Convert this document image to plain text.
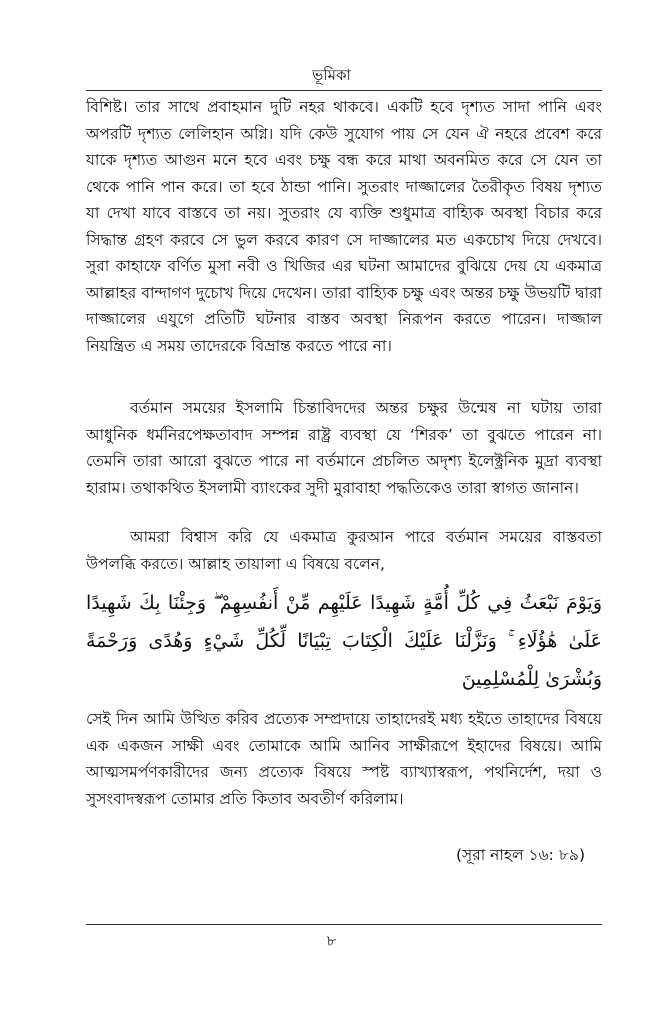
ভূমিকা

বিশিষ্ট। তার সাথে প্রবাহমান দুটি নহর থাকবে। একটি হবে দৃশ্যত সাদা পানি এবং অপরটি দৃশ্যত লেলিহান অগ্নি। যদি কেউ সুযোগ পায় সে যেন ঐ নহরে প্রবেশ করে যাকে দৃশ্যত আগুন মনে হবে এবং চক্ষু বন্ধ করে মাথা অবনমিত করে সে যেন তা থেকে পানি পান করে। তা হবে ঠান্ডা পানি। সুতরাং দাজ্জালের তৈরীকৃত বিষয় দৃশ্যত যা দেখা যাবে বাস্তবে তা নয়। সুতরাং যে ব্যক্তি শুধুমাত্র বাহ্যিক অবস্থা বিচার করে সিদ্ধান্ত গ্রহণ করবে সে ভুল করবে কারণ সে দাজ্জালের মত একচোখ দিয়ে দেখবে। সুরা কাহাফে বর্ণিত মুসা নবী ও খিজির এর ঘটনা আমাদের বুঝিয়ে দেয় যে একমাত্র আল্লাহর বান্দাগণ দুচোখ দিয়ে দেখেন। তারা বাহ্যিক চক্ষু এবং অন্তর চক্ষু উভয়টি দ্বারা দাজ্জালের এযুগে প্রতিটি ঘটনার বাস্তব অবস্থা নিরূপন করতে পারেন। দাজ্জাল নিয়ন্ত্রিত এ সময় তাদেরকে বিভ্রান্ত করতে পারে না।

বর্তমান সময়ের ইসলামি চিন্তাবিদদের অন্তর চক্ষুর উন্মেষ না ঘটায় তারা আধুনিক ধর্মনিরপেক্ষতাবাদ সম্পন্ন রাষ্ট্র ব্যবস্থা যে ‘শিরক’ তা বুঝতে পারেন না। তেমনি তারা আরো বুঝতে পারে না বর্তমানে প্রচলিত অদৃশ্য ইলেক্ট্রনিক মুদ্রা ব্যবস্থা হারাম। তথাকথিত ইসলামী ব্যাংকের সুদী মুরাবাহা পদ্ধতিকেও তারা স্বাগত জানান।

আমরা বিশ্বাস করি যে একমাত্র কুরআন পারে বর্তমান সময়ের বাস্তবতা উপলব্ধি করতে। আল্লাহ তায়ালা এ বিষয়ে বলেন,

وَيَوْمَ نَبْعَثُ فِي كُلِّ أُمَّةٍ شَهِيدًا عَلَيْهِم مِّنْ أَنفُسِهِمْ ۖ وَجِئْنَا بِكَ شَهِيدًا عَلَىٰ هَٰؤُلَاءِ ۚ وَنَزَّلْنَا عَلَيْكَ الْكِتَابَ تِبْيَانًا لِّكُلِّ شَيْءٍ وَهُدًى وَرَحْمَةً وَبُشْرَىٰ لِلْمُسْلِمِينَ

সেই দিন আমি উত্থিত করিব প্রত্যেক সম্প্রদায়ে তাহাদেরই মধ্য হইতে তাহাদের বিষয়ে এক একজন সাক্ষী এবং তোমাকে আমি আনিব সাক্ষীরূপে ইহাদের বিষয়ে। আমি আত্মসমর্পণকারীদের জন্য প্রত্যেক বিষয়ে স্পষ্ট ব্যাখ্যাস্বরূপ, পথনির্দেশ, দয়া ও সুসংবাদস্বরূপ তোমার প্রতি কিতাব অবতীর্ণ করিলাম।

(সূরা নাহল ১৬: ৮৯)
৮
